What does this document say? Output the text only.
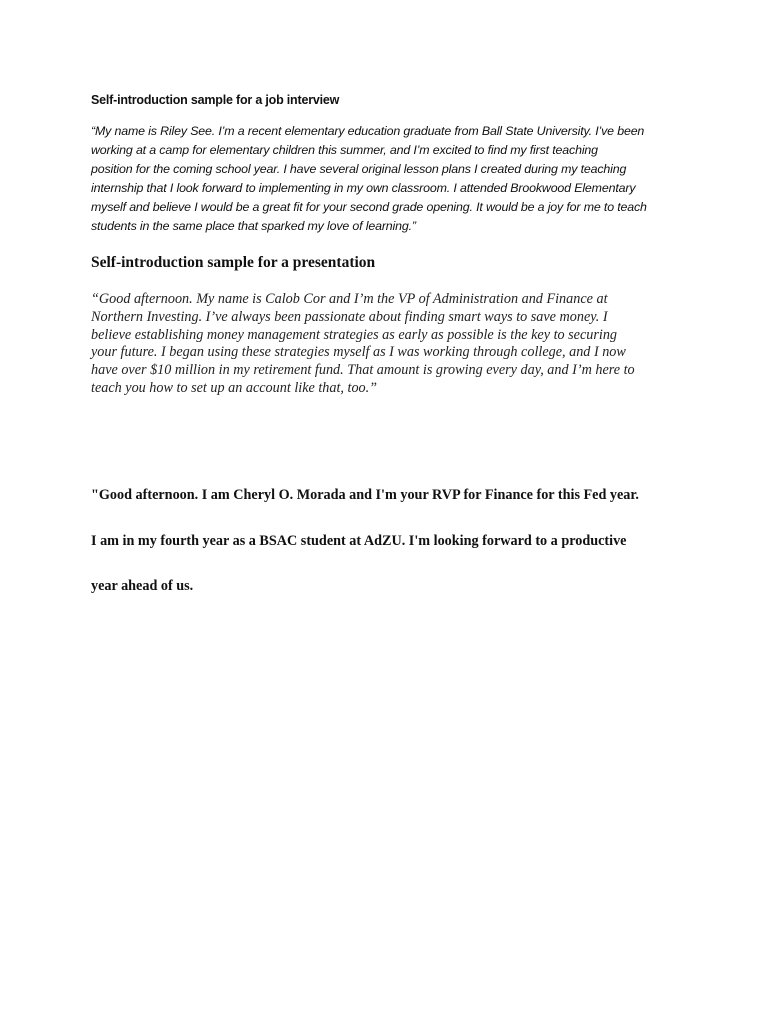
Self-introduction sample for a job interview
“My name is Riley See. I’m a recent elementary education graduate from Ball State University. I’ve been
working at a camp for elementary children this summer, and I’m excited to find my first teaching
position for the coming school year. I have several original lesson plans I created during my teaching
internship that I look forward to implementing in my own classroom. I attended Brookwood Elementary
myself and believe I would be a great fit for your second grade opening. It would be a joy for me to teach
students in the same place that sparked my love of learning.”
Self-introduction sample for a presentation
“Good afternoon. My name is Calob Cor and I’m the VP of Administration and Finance at
Northern Investing. I’ve always been passionate about finding smart ways to save money. I
believe establishing money management strategies as early as possible is the key to securing
your future. I began using these strategies myself as I was working through college, and I now
have over $10 million in my retirement fund. That amount is growing every day, and I’m here to
teach you how to set up an account like that, too.”
"Good afternoon. I am Cheryl O. Morada and I'm your RVP for Finance for this Fed year.
I am in my fourth year as a BSAC student at AdZU. I'm looking forward to a productive
year ahead of us.
